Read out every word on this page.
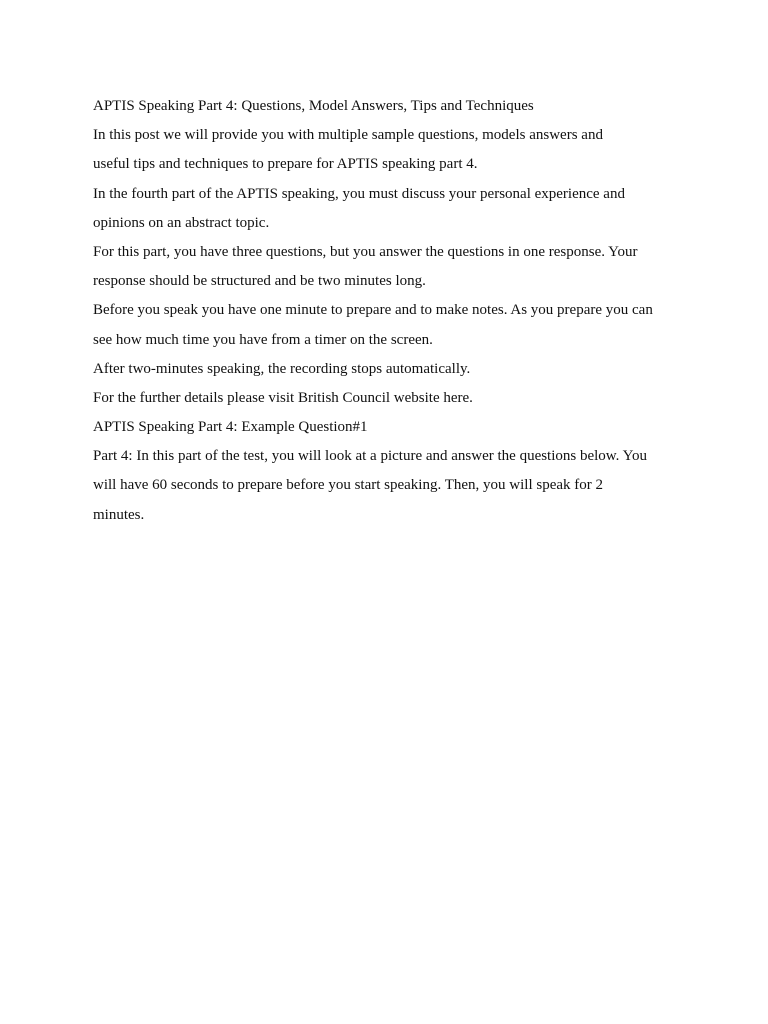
APTIS Speaking Part 4: Questions, Model Answers, Tips and Techniques
In this post we will provide you with multiple sample questions, models answers and
useful tips and techniques to prepare for APTIS speaking part 4.
In the fourth part of the APTIS speaking, you must discuss your personal experience and
opinions on an abstract topic.
For this part, you have three questions, but you answer the questions in one response. Your
response should be structured and be two minutes long.
Before you speak you have one minute to prepare and to make notes. As you prepare you can
see how much time you have from a timer on the screen.
After two-minutes speaking, the recording stops automatically.
For the further details please visit British Council website here.
APTIS Speaking Part 4: Example Question#1
Part 4: In this part of the test, you will look at a picture and answer the questions below. You
will have 60 seconds to prepare before you start speaking. Then, you will speak for 2
minutes.
